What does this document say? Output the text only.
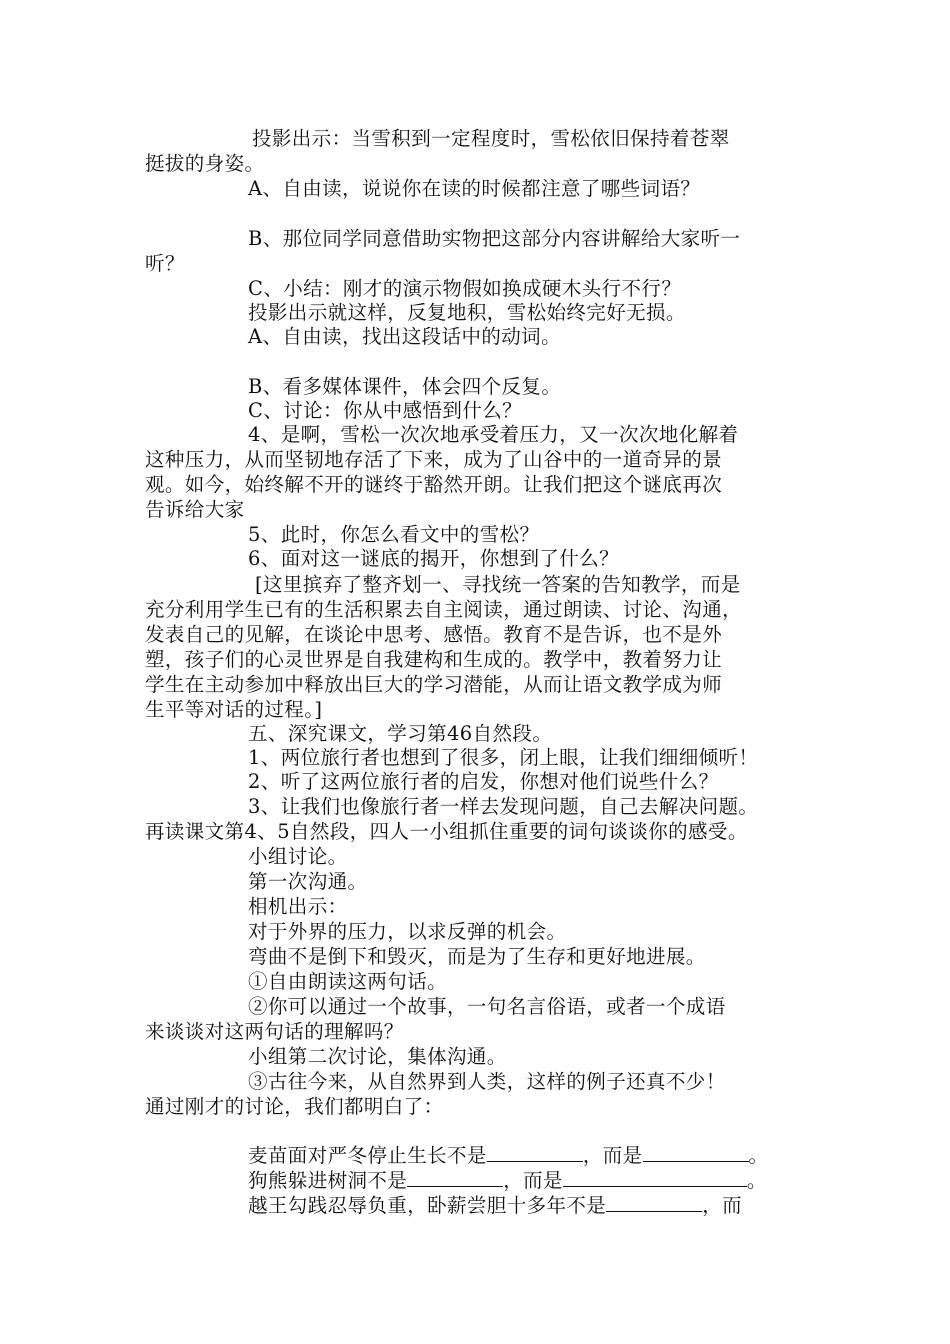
投影出示：当雪积到一定程度时，雪松依旧保持着苍翠
挺拔的身姿。
A、自由读，说说你在读的时候都注意了哪些词语？
B、那位同学同意借助实物把这部分内容讲解给大家听一
听？
C、小结：刚才的演示物假如换成硬木头行不行？
投影出示就这样，反复地积，雪松始终完好无损。
A、自由读，找出这段话中的动词。
B、看多媒体课件，体会四个反复。
C、讨论：你从中感悟到什么？
4、是啊，雪松一次次地承受着压力，又一次次地化解着
这种压力，从而坚韧地存活了下来，成为了山谷中的一道奇异的景
观。如今，始终解不开的谜终于豁然开朗。让我们把这个谜底再次
告诉给大家
5、此时，你怎么看文中的雪松？
6、面对这一谜底的揭开，你想到了什么？
[这里摈弃了整齐划一、寻找统一答案的告知教学，而是
充分利用学生已有的生活积累去自主阅读，通过朗读、讨论、沟通，
发表自己的见解，在谈论中思考、感悟。教育不是告诉，也不是外
塑，孩子们的心灵世界是自我建构和生成的。教学中，教着努力让
学生在主动参加中释放出巨大的学习潜能，从而让语文教学成为师
生平等对话的过程。]
五、深究课文，学习第46自然段。
1、两位旅行者也想到了很多，闭上眼，让我们细细倾听！
2、听了这两位旅行者的启发，你想对他们说些什么？
3、让我们也像旅行者一样去发现问题，自己去解决问题。
再读课文第4、5自然段，四人一小组抓住重要的词句谈谈你的感受。
小组讨论。
第一次沟通。
相机出示：
对于外界的压力，以求反弹的机会。
弯曲不是倒下和毁灭，而是为了生存和更好地进展。
①自由朗读这两句话。
②你可以通过一个故事，一句名言俗语，或者一个成语
来谈谈对这两句话的理解吗？
小组第二次讨论，集体沟通。
③古往今来，从自然界到人类，这样的例子还真不少！
通过刚才的讨论，我们都明白了：
麦苗面对严冬停止生长不是	，而是	。
狗熊躲进树洞不是	，而是	。
越王勾践忍辱负重，卧薪尝胆十多年不是	，而
